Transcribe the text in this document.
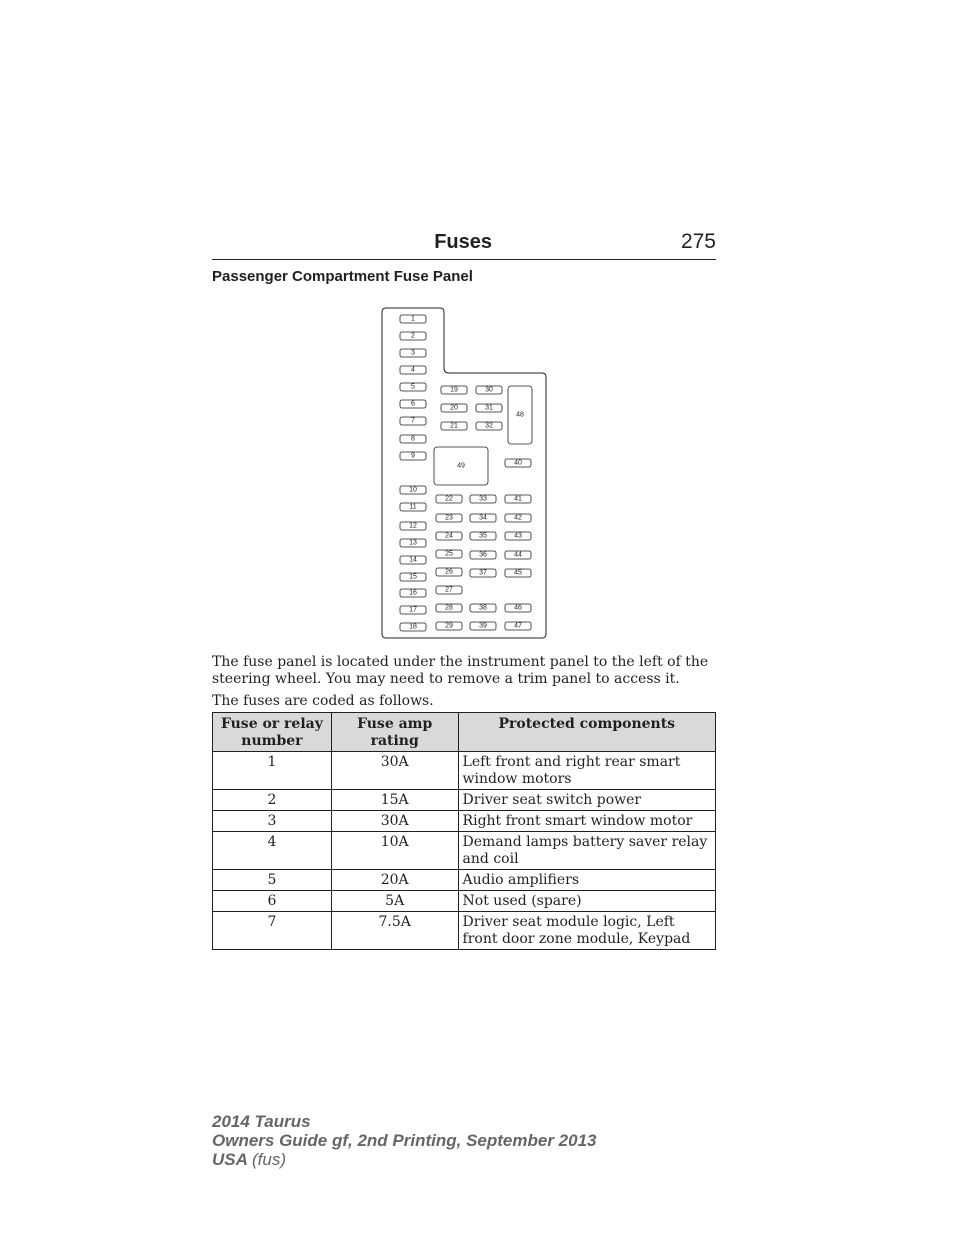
Fuses	275
Passenger Compartment Fuse Panel
1
2
3
4
5
6
7
8
9
10
11
12
13
14
15
16
17
18
19
20
21
30
31
32
48
49	40
22
23
24
25
26
27
28
29
33
34
35
36
37
38
39
41
42
43
44
45
46
47

The fuse panel is located under the instrument panel to the left of the steering wheel. You may need to remove a trim panel to access it.

The fuses are coded as follows.

Fuse or relay number	Fuse amp rating	Protected components
1	30A	Left front and right rear smart window motors
2	15A	Driver seat switch power
3	30A	Right front smart window motor
4	10A	Demand lamps battery saver relay and coil
5	20A	Audio amplifiers
6	5A	Not used (spare)
7	7.5A	Driver seat module logic, Left front door zone module, Keypad
2014 Taurus
Owners Guide gf, 2nd Printing, September 2013
USA (fus)
